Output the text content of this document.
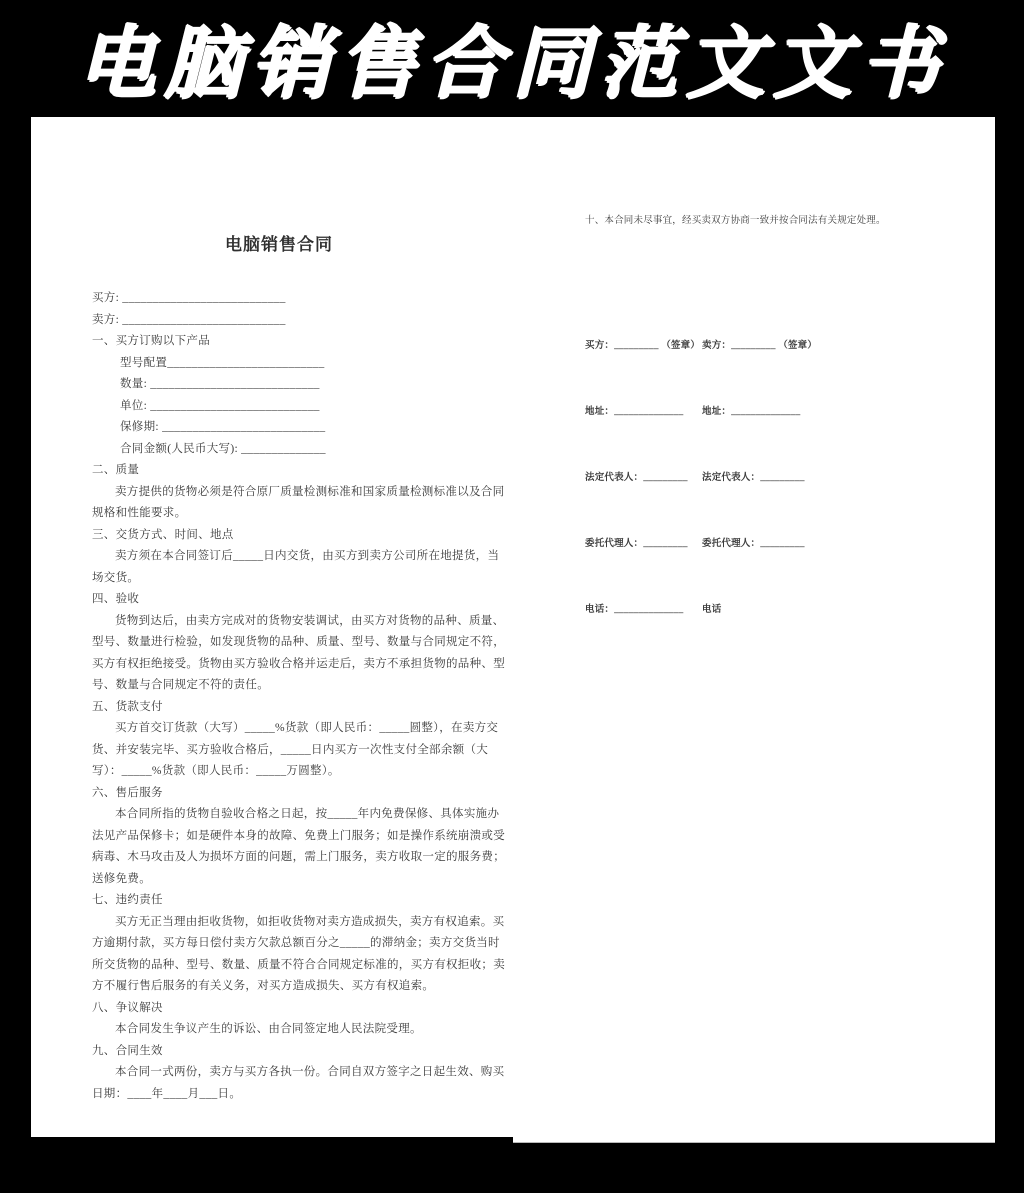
电脑销售合同范文文书
电脑销售合同

买方: ___________________________

卖方: ___________________________

一、买方订购以下产品

型号配置__________________________

数量: ____________________________

单位: ____________________________

保修期: ___________________________

合同金额(人民币大写): ______________

二、质量

卖方提供的货物必须是符合原厂质量检测标准和国家质量检测标准以及合同规格和性能要求。

三、交货方式、时间、地点

卖方须在本合同签订后_____日内交货，由买方到卖方公司所在地提货，当场交货。

四、验收

货物到达后，由卖方完成对的货物安装调试，由买方对货物的品种、质量、型号、数量进行检验，如发现货物的品种、质量、型号、数量与合同规定不符，买方有权拒绝接受。货物由买方验收合格并运走后，卖方不承担货物的品种、型号、数量与合同规定不符的责任。

五、货款支付

买方首交订货款（大写）_____%货款（即人民币：_____圆整），在卖方交货、并安装完毕、买方验收合格后，_____日内买方一次性支付全部余额（大写）：_____%货款（即人民币：_____万圆整）。

六、售后服务

本合同所指的货物自验收合格之日起，按_____年内免费保修、具体实施办法见产品保修卡；如是硬件本身的故障、免费上门服务；如是操作系统崩溃或受病毒、木马攻击及人为损坏方面的问题，需上门服务，卖方收取一定的服务费；送修免费。

七、违约责任

买方无正当理由拒收货物，如拒收货物对卖方造成损失，卖方有权追索。买方逾期付款，买方每日偿付卖方欠款总额百分之_____的滞纳金；卖方交货当时所交货物的品种、型号、数量、质量不符合合同规定标准的，买方有权拒收；卖方不履行售后服务的有关义务，对买方造成损失、买方有权追索。

八、争议解决

本合同发生争议产生的诉讼、由合同签定地人民法院受理。

九、合同生效

本合同一式两份，卖方与买方各执一份。合同自双方签字之日起生效、购买日期：____年____月___日。

十、本合同未尽事宜，经买卖双方协商一致并按合同法有关规定处理。

买方：_________ （签章） 卖方：_________ （签章）
地址：______________	地址：______________
法定代表人：_________	法定代表人：_________
委托代理人：_________	委托代理人：_________
电话：______________	电话
